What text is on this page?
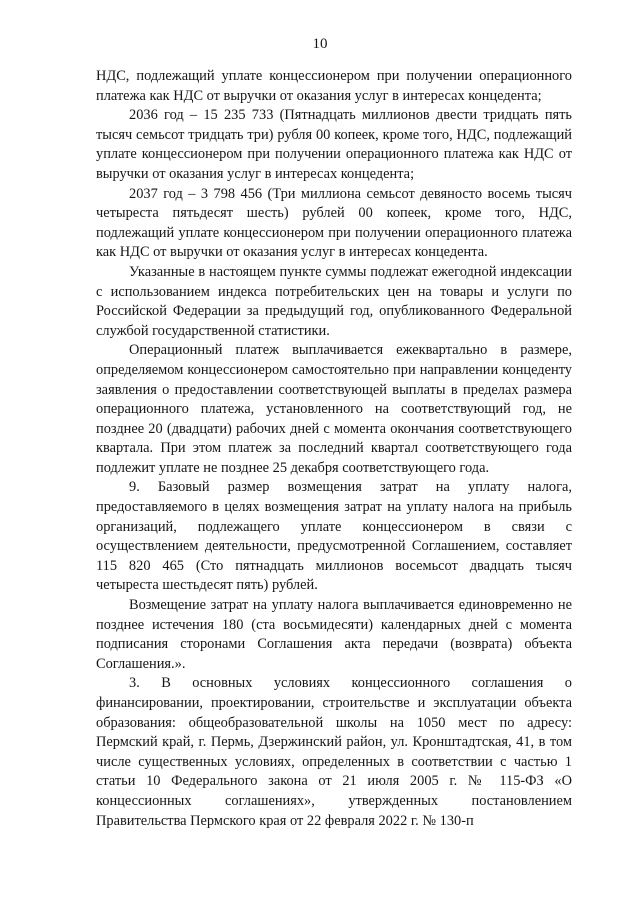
10

НДС, подлежащий уплате концессионером при получении операционного платежа как НДС от выручки от оказания услуг в интересах концедента;

2036 год – 15 235 733 (Пятнадцать миллионов двести тридцать пять тысяч семьсот тридцать три) рубля 00 копеек, кроме того, НДС, подлежащий уплате концессионером при получении операционного платежа как НДС от выручки от оказания услуг в интересах концедента;

2037 год – 3 798 456 (Три миллиона семьсот девяносто восемь тысяч четыреста пятьдесят шесть) рублей 00 копеек, кроме того, НДС, подлежащий уплате концессионером при получении операционного платежа как НДС от выручки от оказания услуг в интересах концедента.

Указанные в настоящем пункте суммы подлежат ежегодной индексации с использованием индекса потребительских цен на товары и услуги по Российской Федерации за предыдущий год, опубликованного Федеральной службой государственной статистики.

Операционный платеж выплачивается ежеквартально в размере, определяемом концессионером самостоятельно при направлении концеденту заявления о предоставлении соответствующей выплаты в пределах размера операционного платежа, установленного на соответствующий год, не позднее 20 (двадцати) рабочих дней с момента окончания соответствующего квартала. При этом платеж за последний квартал соответствующего года подлежит уплате не позднее 25 декабря соответствующего года.

9. Базовый размер возмещения затрат на уплату налога, предоставляемого в целях возмещения затрат на уплату налога на прибыль организаций, подлежащего уплате концессионером в связи с осуществлением деятельности, предусмотренной Соглашением, составляет 115 820 465 (Сто пятнадцать миллионов восемьсот двадцать тысяч четыреста шестьдесят пять) рублей.

Возмещение затрат на уплату налога выплачивается единовременно не позднее истечения 180 (ста восьмидесяти) календарных дней с момента подписания сторонами Соглашения акта передачи (возврата) объекта Соглашения.».

3. В основных условиях концессионного соглашения о финансировании, проектировании, строительстве и эксплуатации объекта образования: общеобразовательной школы на 1050 мест по адресу: Пермский край, г. Пермь, Дзержинский район, ул. Кронштадтская, 41, в том числе существенных условиях, определенных в соответствии с частью 1 статьи 10 Федерального закона от 21 июля 2005 г. № 115-ФЗ «О концессионных соглашениях», утвержденных постановлением Правительства Пермского края от 22 февраля 2022 г. № 130-п
